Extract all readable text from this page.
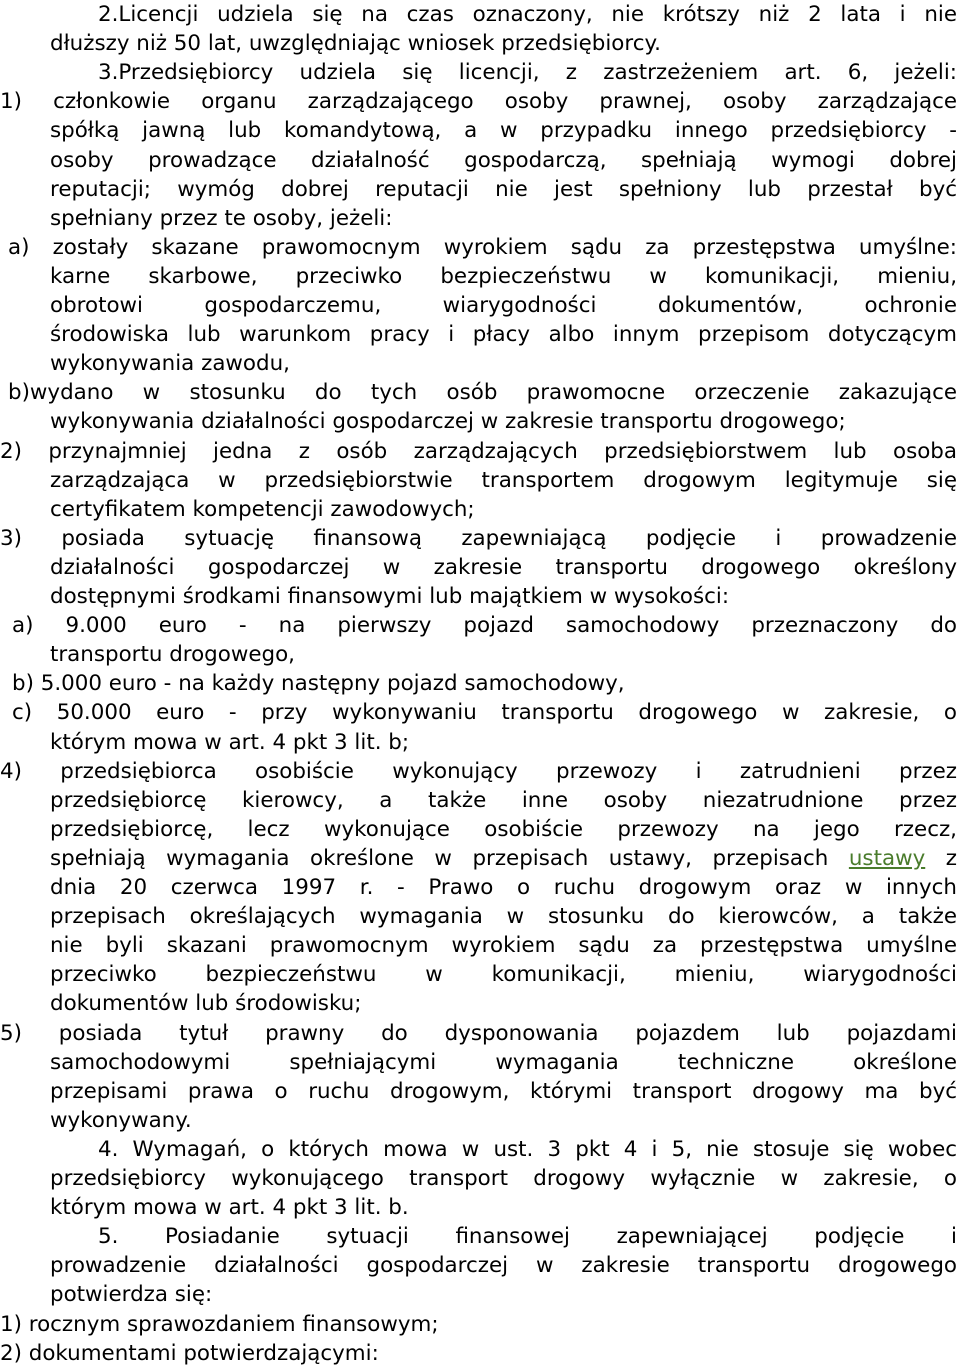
2.Licencji udziela się na czas oznaczony, nie krótszy niż 2 lata i nie
dłuższy niż 50 lat, uwzględniając wniosek przedsiębiorcy.
3.Przedsiębiorcy udziela się licencji, z zastrzeżeniem art. 6, jeżeli:
1) członkowie organu zarządzającego osoby prawnej, osoby zarządzające
spółką jawną lub komandytową, a w przypadku innego przedsiębiorcy -
osoby prowadzące działalność gospodarczą, spełniają wymogi dobrej
reputacji; wymóg dobrej reputacji nie jest spełniony lub przestał być
spełniany przez te osoby, jeżeli:
a) zostały skazane prawomocnym wyrokiem sądu za przestępstwa umyślne:
karne skarbowe, przeciwko bezpieczeństwu w komunikacji, mieniu,
obrotowi gospodarczemu, wiarygodności dokumentów, ochronie
środowiska lub warunkom pracy i płacy albo innym przepisom dotyczącym
wykonywania zawodu,
b)wydano w stosunku do tych osób prawomocne orzeczenie zakazujące
wykonywania działalności gospodarczej w zakresie transportu drogowego;
2) przynajmniej jedna z osób zarządzających przedsiębiorstwem lub osoba
zarządzająca w przedsiębiorstwie transportem drogowym legitymuje się
certyfikatem kompetencji zawodowych;
3) posiada sytuację finansową zapewniającą podjęcie i prowadzenie
działalności gospodarczej w zakresie transportu drogowego określony
dostępnymi środkami finansowymi lub majątkiem w wysokości:
a) 9.000 euro - na pierwszy pojazd samochodowy przeznaczony do
transportu drogowego,
b) 5.000 euro - na każdy następny pojazd samochodowy,
c) 50.000 euro - przy wykonywaniu transportu drogowego w zakresie, o
którym mowa w art. 4 pkt 3 lit. b;
4) przedsiębiorca osobiście wykonujący przewozy i zatrudnieni przez
przedsiębiorcę kierowcy, a także inne osoby niezatrudnione przez
przedsiębiorcę, lecz wykonujące osobiście przewozy na jego rzecz,
spełniają wymagania określone w przepisach ustawy, przepisach ustawy z
dnia 20 czerwca 1997 r. - Prawo o ruchu drogowym oraz w innych
przepisach określających wymagania w stosunku do kierowców, a także
nie byli skazani prawomocnym wyrokiem sądu za przestępstwa umyślne
przeciwko bezpieczeństwu w komunikacji, mieniu, wiarygodności
dokumentów lub środowisku;
5) posiada tytuł prawny do dysponowania pojazdem lub pojazdami
samochodowymi spełniającymi wymagania techniczne określone
przepisami prawa o ruchu drogowym, którymi transport drogowy ma być
wykonywany.
4. Wymagań, o których mowa w ust. 3 pkt 4 i 5, nie stosuje się wobec
przedsiębiorcy wykonującego transport drogowy wyłącznie w zakresie, o
którym mowa w art. 4 pkt 3 lit. b.
5. Posiadanie sytuacji finansowej zapewniającej podjęcie i
prowadzenie działalności gospodarczej w zakresie transportu drogowego
potwierdza się:
1) rocznym sprawozdaniem finansowym;
2) dokumentami potwierdzającymi:
